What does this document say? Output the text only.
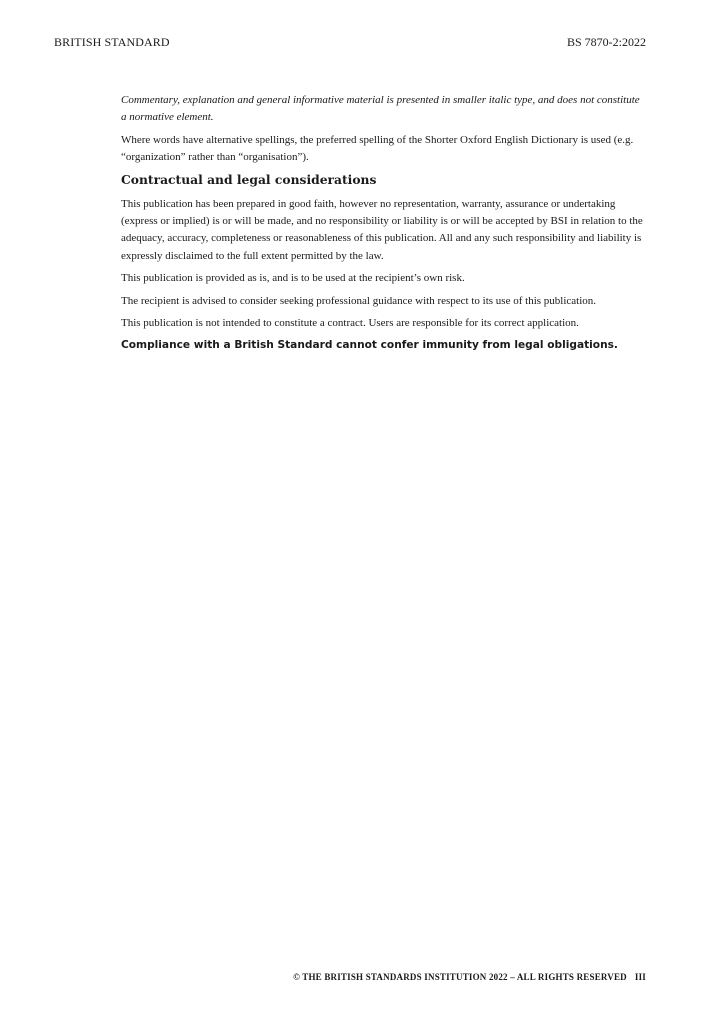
BRITISH STANDARD	BS 7870-2:2022

Commentary, explanation and general informative material is presented in smaller italic type, and does not constitute a normative element.

Where words have alternative spellings, the preferred spelling of the Shorter Oxford English Dictionary is used (e.g. “organization” rather than “organisation”).

Contractual and legal considerations

This publication has been prepared in good faith, however no representation, warranty, assurance or undertaking (express or implied) is or will be made, and no responsibility or liability is or will be accepted by BSI in relation to the adequacy, accuracy, completeness or reasonableness of this publication. All and any such responsibility and liability is expressly disclaimed to the full extent permitted by the law.

This publication is provided as is, and is to be used at the recipient’s own risk.

The recipient is advised to consider seeking professional guidance with respect to its use of this publication.

This publication is not intended to constitute a contract. Users are responsible for its correct application.

Compliance with a British Standard cannot confer immunity from legal obligations.

© THE BRITISH STANDARDS INSTITUTION 2022 – ALL RIGHTS RESERVED III
